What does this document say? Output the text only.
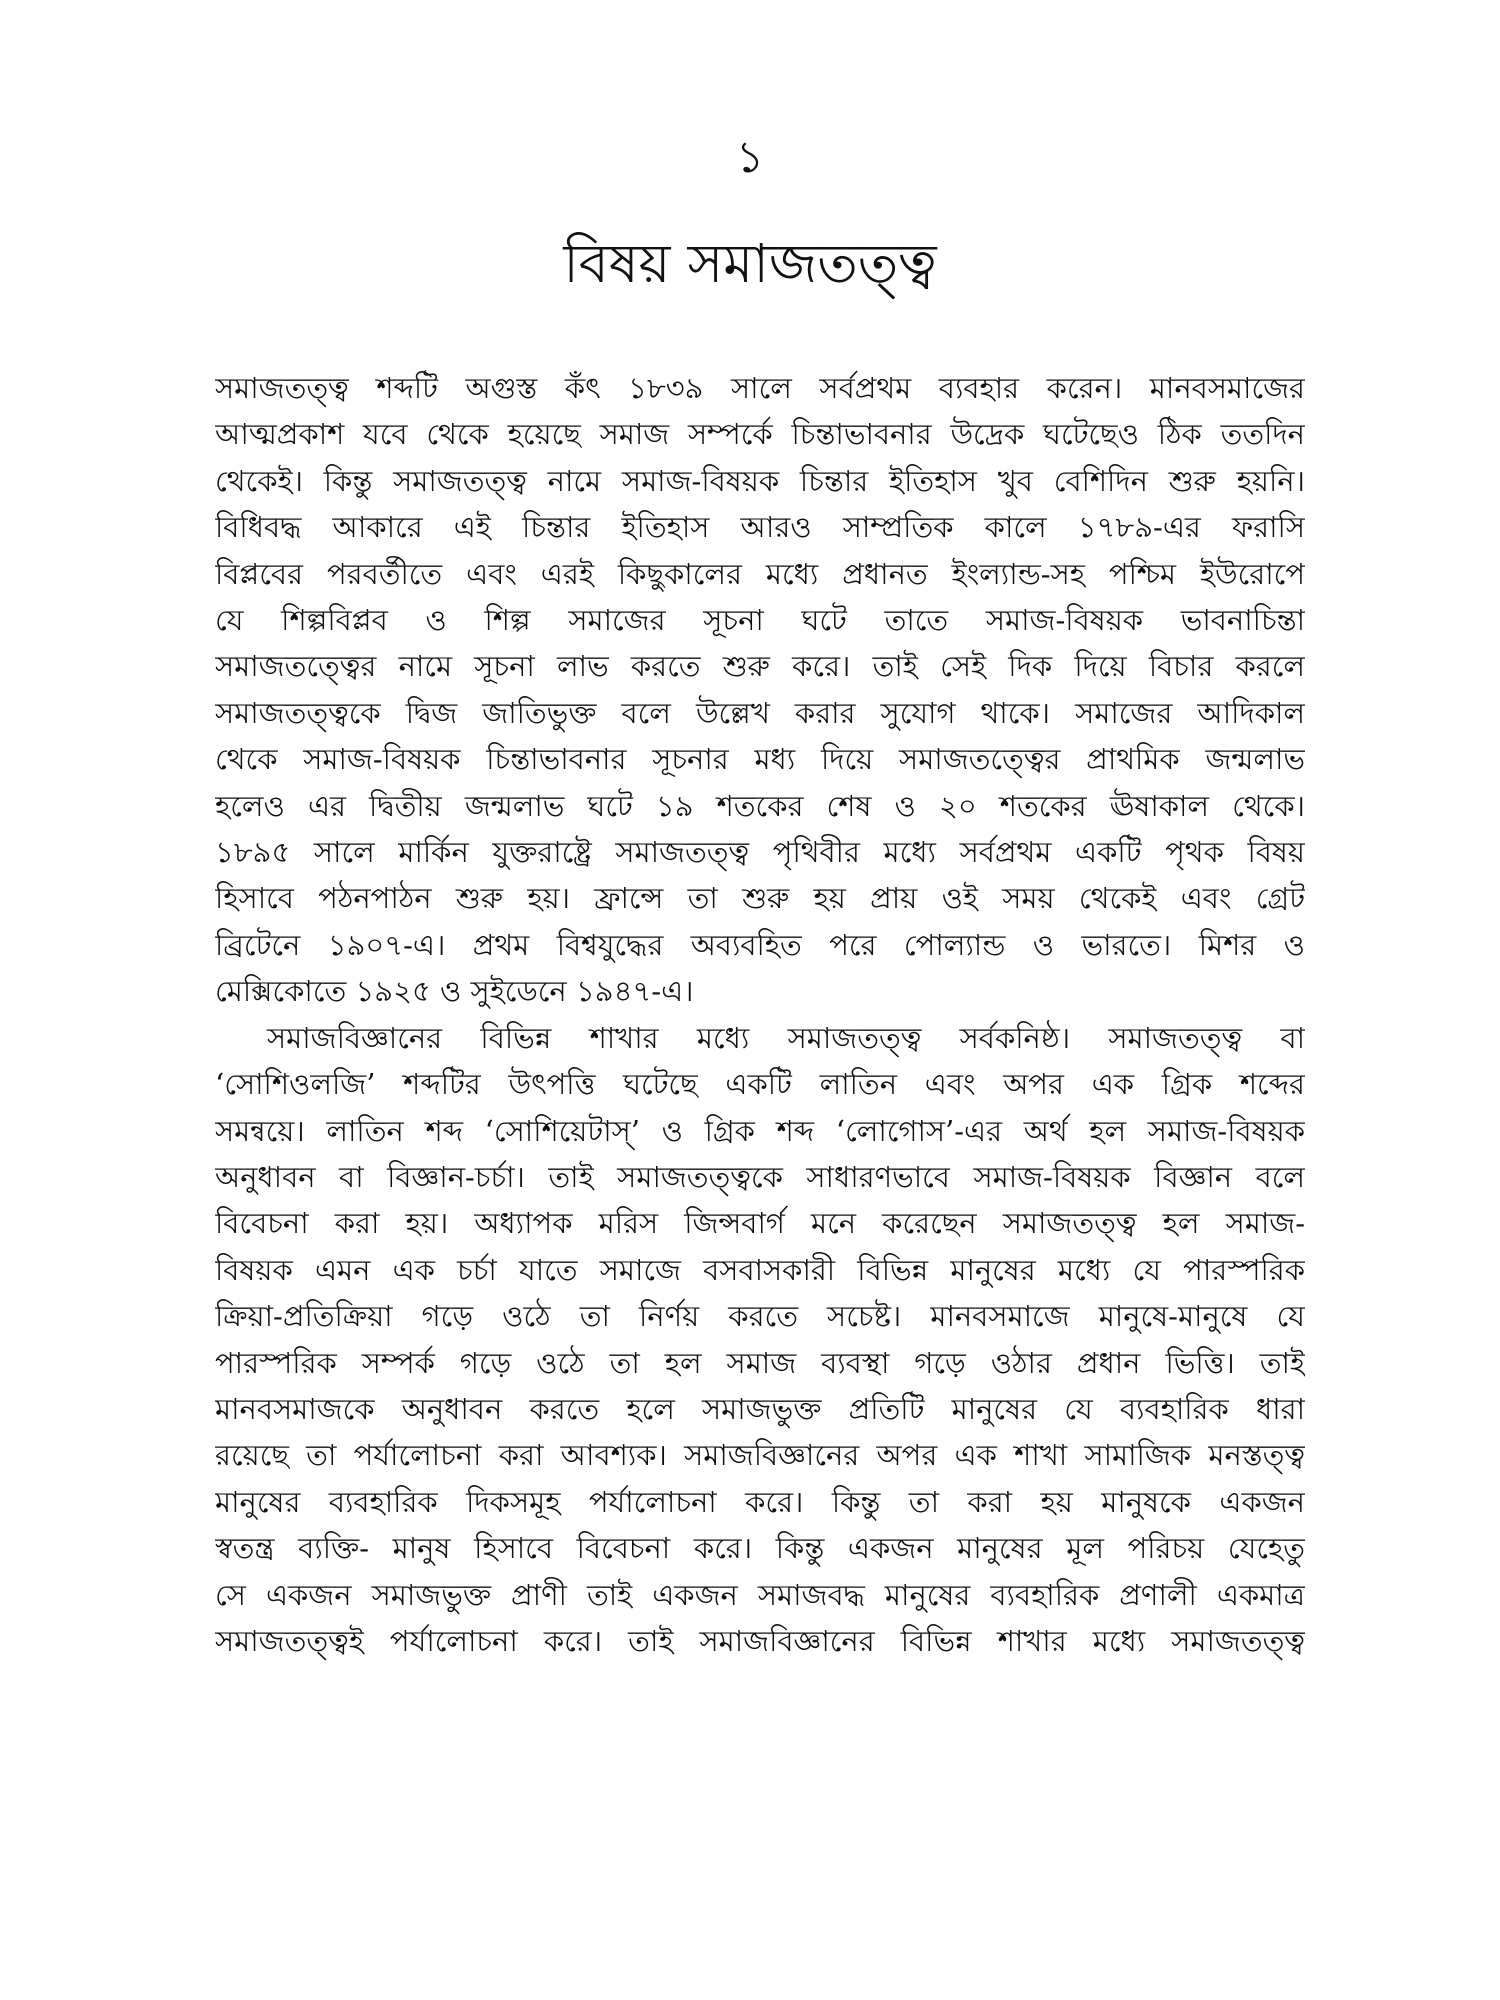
১
বিষয় সমাজতত্ত্ব
সমাজতত্ত্ব শব্দটি অগুস্ত কঁৎ ১৮৩৯ সালে সর্বপ্রথম ব্যবহার করেন। মানবসমাজের
আত্মপ্রকাশ যবে থেকে হয়েছে সমাজ সম্পর্কে চিন্তাভাবনার উদ্রেক ঘটেছেও ঠিক ততদিন
থেকেই। কিন্তু সমাজতত্ত্ব নামে সমাজ-বিষয়ক চিন্তার ইতিহাস খুব বেশিদিন শুরু হয়নি।
বিধিবদ্ধ আকারে এই চিন্তার ইতিহাস আরও সাম্প্রতিক কালে ১৭৮৯-এর ফরাসি
বিপ্লবের পরবর্তীতে এবং এরই কিছুকালের মধ্যে প্রধানত ইংল্যান্ড-সহ পশ্চিম ইউরোপে
যে শিল্পবিপ্লব ও শিল্প সমাজের সূচনা ঘটে তাতে সমাজ-বিষয়ক ভাবনাচিন্তা
সমাজতত্ত্বের নামে সূচনা লাভ করতে শুরু করে। তাই সেই দিক দিয়ে বিচার করলে
সমাজতত্ত্বকে দ্বিজ জাতিভুক্ত বলে উল্লেখ করার সুযোগ থাকে। সমাজের আদিকাল
থেকে সমাজ-বিষয়ক চিন্তাভাবনার সূচনার মধ্য দিয়ে সমাজতত্ত্বের প্রাথমিক জন্মলাভ
হলেও এর দ্বিতীয় জন্মলাভ ঘটে ১৯ শতকের শেষ ও ২০ শতকের ঊষাকাল থেকে।
১৮৯৫ সালে মার্কিন যুক্তরাষ্ট্রে সমাজতত্ত্ব পৃথিবীর মধ্যে সর্বপ্রথম একটি পৃথক বিষয়
হিসাবে পঠনপাঠন শুরু হয়। ফ্রান্সে তা শুরু হয় প্রায় ওই সময় থেকেই এবং গ্রেট
ব্রিটেনে ১৯০৭-এ। প্রথম বিশ্বযুদ্ধের অব্যবহিত পরে পোল্যান্ড ও ভারতে। মিশর ও
মেক্সিকোতে ১৯২৫ ও সুইডেনে ১৯৪৭-এ।
সমাজবিজ্ঞানের বিভিন্ন শাখার মধ্যে সমাজতত্ত্ব সর্বকনিষ্ঠ। সমাজতত্ত্ব বা
‘সোশিওলজি’ শব্দটির উৎপত্তি ঘটেছে একটি লাতিন এবং অপর এক গ্রিক শব্দের
সমন্বয়ে। লাতিন শব্দ ‘সোশিয়েটাস্’ ও গ্রিক শব্দ ‘লোগোস’-এর অর্থ হল সমাজ-বিষয়ক
অনুধাবন বা বিজ্ঞান-চর্চা। তাই সমাজতত্ত্বকে সাধারণভাবে সমাজ-বিষয়ক বিজ্ঞান বলে
বিবেচনা করা হয়। অধ্যাপক মরিস জিন্সবার্গ মনে করেছেন সমাজতত্ত্ব হল সমাজ-
বিষয়ক এমন এক চর্চা যাতে সমাজে বসবাসকারী বিভিন্ন মানুষের মধ্যে যে পারস্পরিক
ক্রিয়া-প্রতিক্রিয়া গড়ে ওঠে তা নির্ণয় করতে সচেষ্ট। মানবসমাজে মানুষে-মানুষে যে
পারস্পরিক সম্পর্ক গড়ে ওঠে তা হল সমাজ ব্যবস্থা গড়ে ওঠার প্রধান ভিত্তি। তাই
মানবসমাজকে অনুধাবন করতে হলে সমাজভুক্ত প্রতিটি মানুষের যে ব্যবহারিক ধারা
রয়েছে তা পর্যালোচনা করা আবশ্যক। সমাজবিজ্ঞানের অপর এক শাখা সামাজিক মনস্তত্ত্ব
মানুষের ব্যবহারিক দিকসমূহ পর্যালোচনা করে। কিন্তু তা করা হয় মানুষকে একজন
স্বতন্ত্র ব্যক্তি- মানুষ হিসাবে বিবেচনা করে। কিন্তু একজন মানুষের মূল পরিচয় যেহেতু
সে একজন সমাজভুক্ত প্রাণী তাই একজন সমাজবদ্ধ মানুষের ব্যবহারিক প্রণালী একমাত্র
সমাজতত্ত্বই পর্যালোচনা করে। তাই সমাজবিজ্ঞানের বিভিন্ন শাখার মধ্যে সমাজতত্ত্ব
